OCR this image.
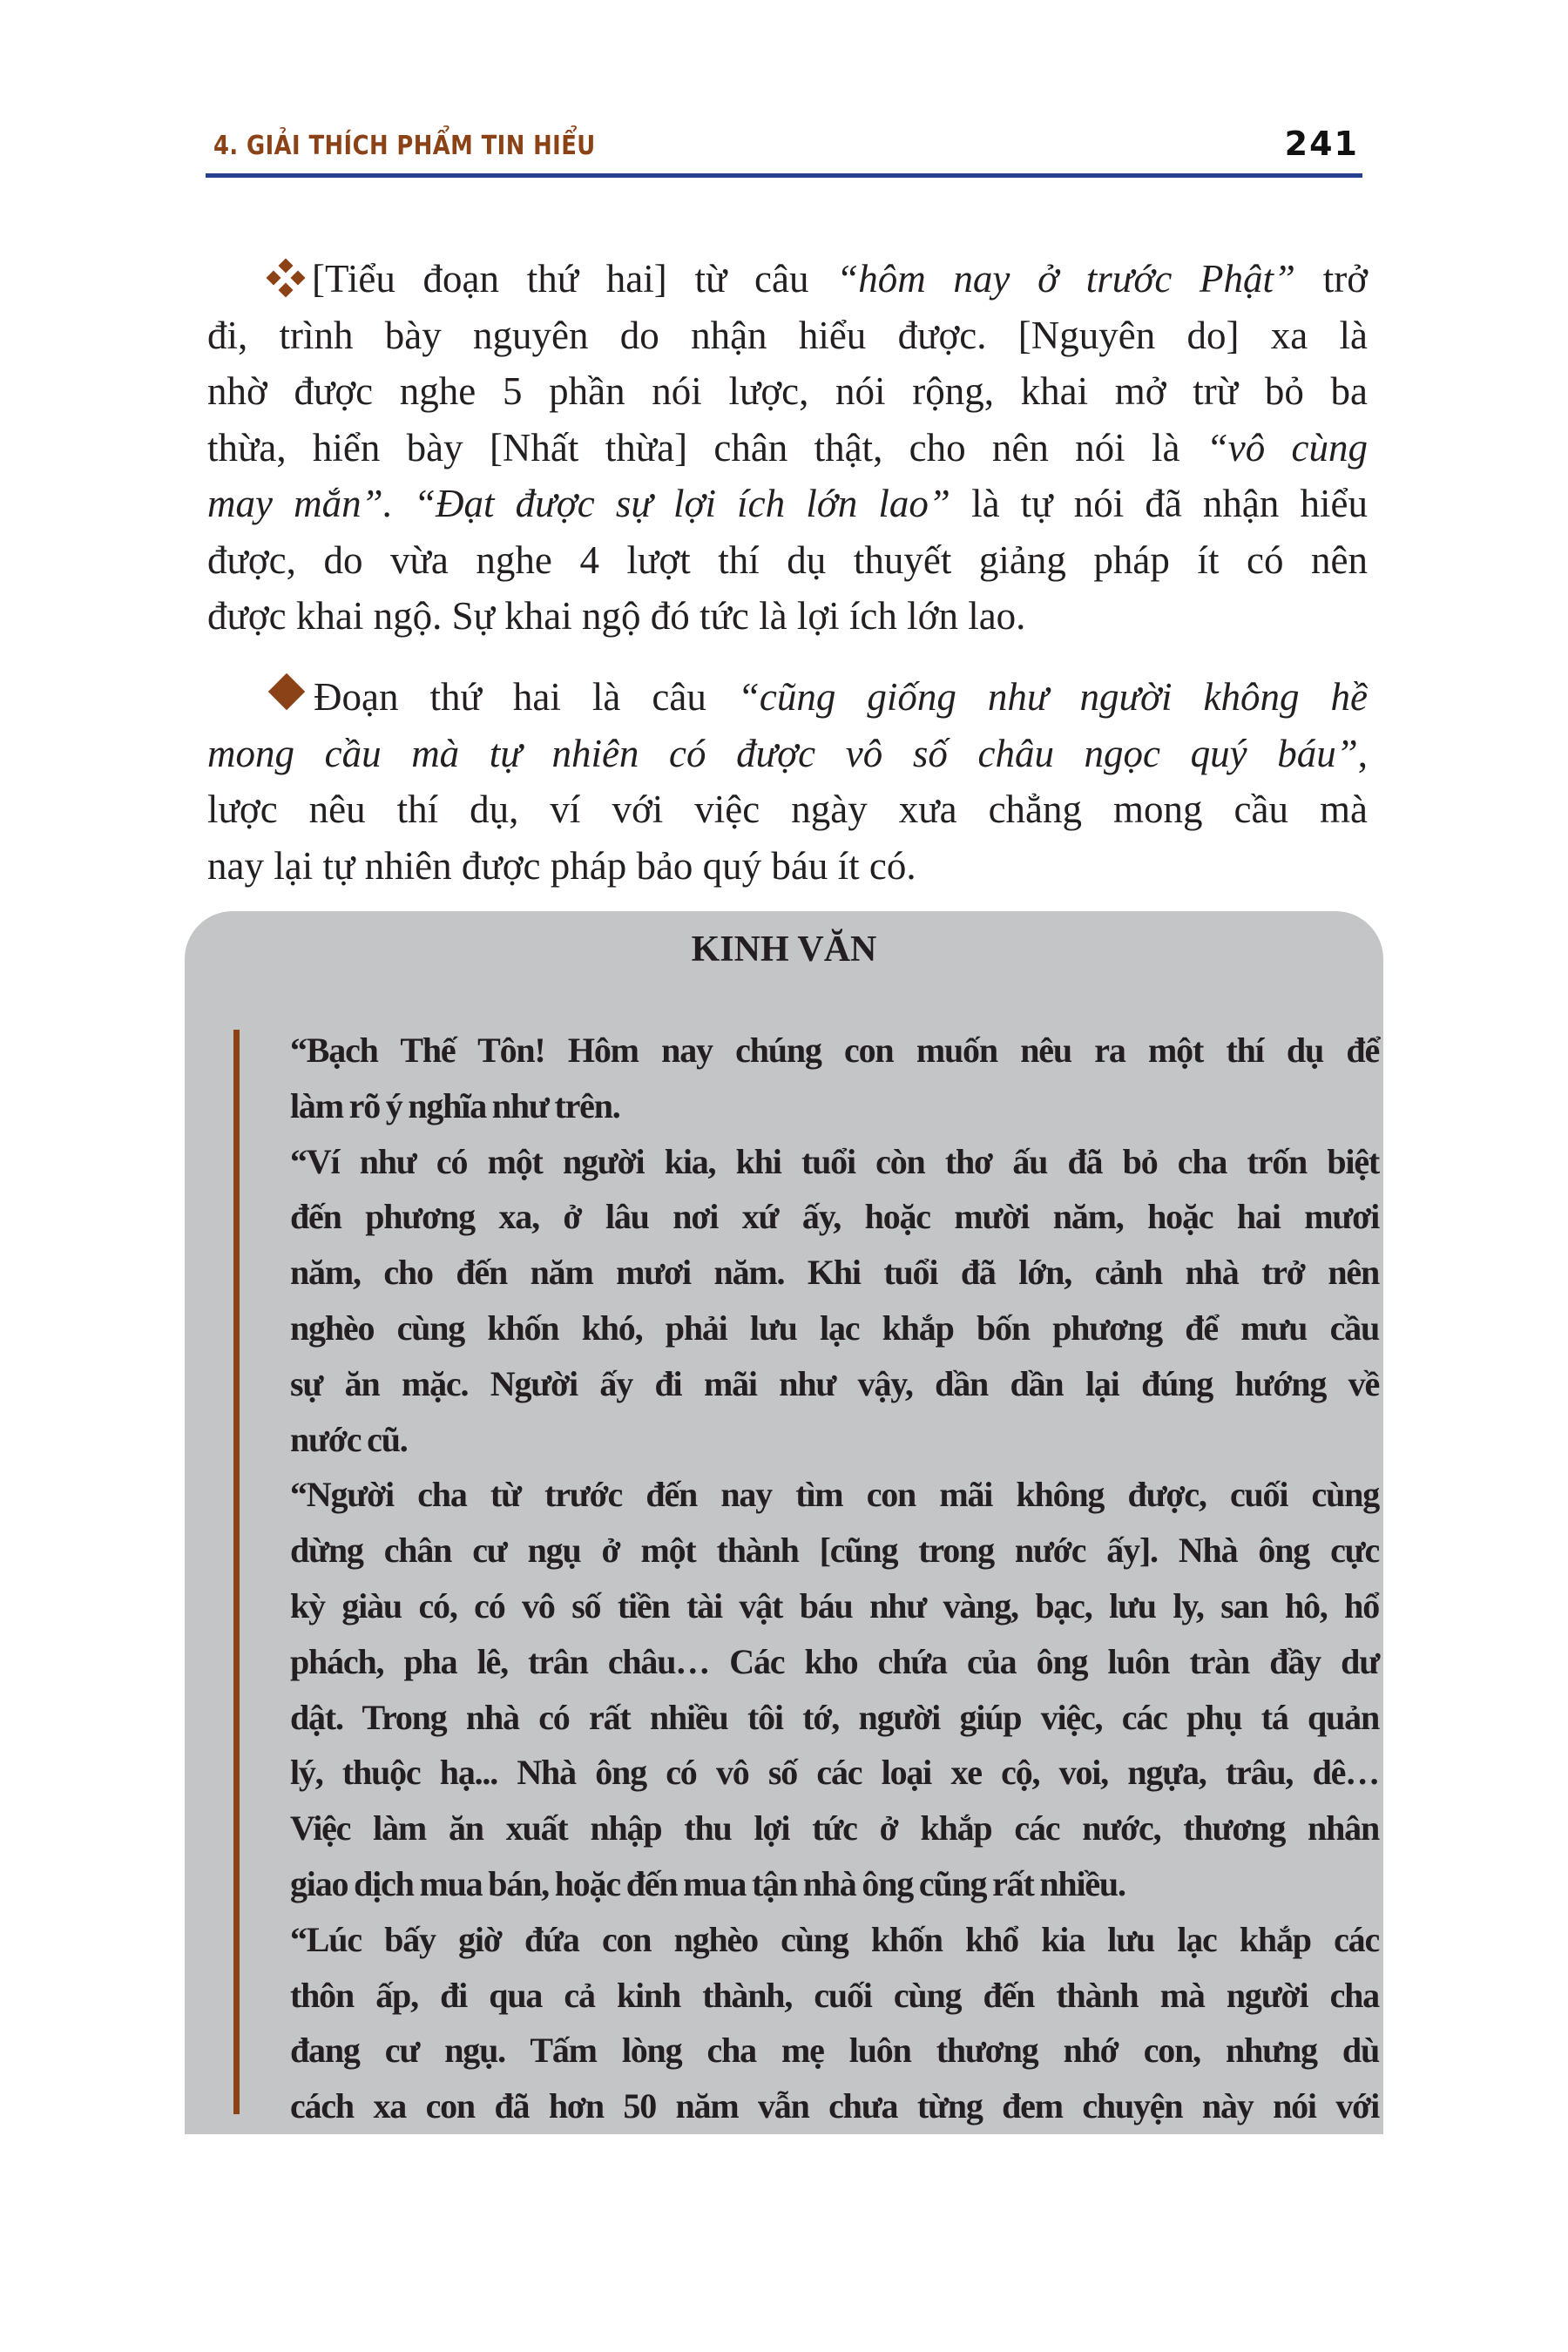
4. GIẢI THÍCH PHẨM TIN HIỂU	241
[Tiểu đoạn thứ hai] từ câu “hôm nay ở trước Phật” trở
đi, trình bày nguyên do nhận hiểu được. [Nguyên do] xa là
nhờ được nghe 5 phần nói lược, nói rộng, khai mở trừ bỏ ba
thừa, hiển bày [Nhất thừa] chân thật, cho nên nói là “vô cùng
may mắn”. “Đạt được sự lợi ích lớn lao” là tự nói đã nhận hiểu
được, do vừa nghe 4 lượt thí dụ thuyết giảng pháp ít có nên
được khai ngộ. Sự khai ngộ đó tức là lợi ích lớn lao.
Đoạn thứ hai là câu “cũng giống như người không hề
mong cầu mà tự nhiên có được vô số châu ngọc quý báu”,
lược nêu thí dụ, ví với việc ngày xưa chẳng mong cầu mà
nay lại tự nhiên được pháp bảo quý báu ít có.
KINH VĂN
“Bạch Thế Tôn! Hôm nay chúng con muốn nêu ra một thí dụ để
làm rõ ý nghĩa như trên.
“Ví như có một người kia, khi tuổi còn thơ ấu đã bỏ cha trốn biệt
đến phương xa, ở lâu nơi xứ ấy, hoặc mười năm, hoặc hai mươi
năm, cho đến năm mươi năm. Khi tuổi đã lớn, cảnh nhà trở nên
nghèo cùng khốn khó, phải lưu lạc khắp bốn phương để mưu cầu
sự ăn mặc. Người ấy đi mãi như vậy, dần dần lại đúng hướng về
nước cũ.
“Người cha từ trước đến nay tìm con mãi không được, cuối cùng
dừng chân cư ngụ ở một thành [cũng trong nước ấy]. Nhà ông cực
kỳ giàu có, có vô số tiền tài vật báu như vàng, bạc, lưu ly, san hô, hổ
phách, pha lê, trân châu… Các kho chứa của ông luôn tràn đầy dư
dật. Trong nhà có rất nhiều tôi tớ, người giúp việc, các phụ tá quản
lý, thuộc hạ... Nhà ông có vô số các loại xe cộ, voi, ngựa, trâu, dê…
Việc làm ăn xuất nhập thu lợi tức ở khắp các nước, thương nhân
giao dịch mua bán, hoặc đến mua tận nhà ông cũng rất nhiều.
“Lúc bấy giờ đứa con nghèo cùng khốn khổ kia lưu lạc khắp các
thôn ấp, đi qua cả kinh thành, cuối cùng đến thành mà người cha
đang cư ngụ. Tấm lòng cha mẹ luôn thương nhớ con, nhưng dù
cách xa con đã hơn 50 năm vẫn chưa từng đem chuyện này nói với
